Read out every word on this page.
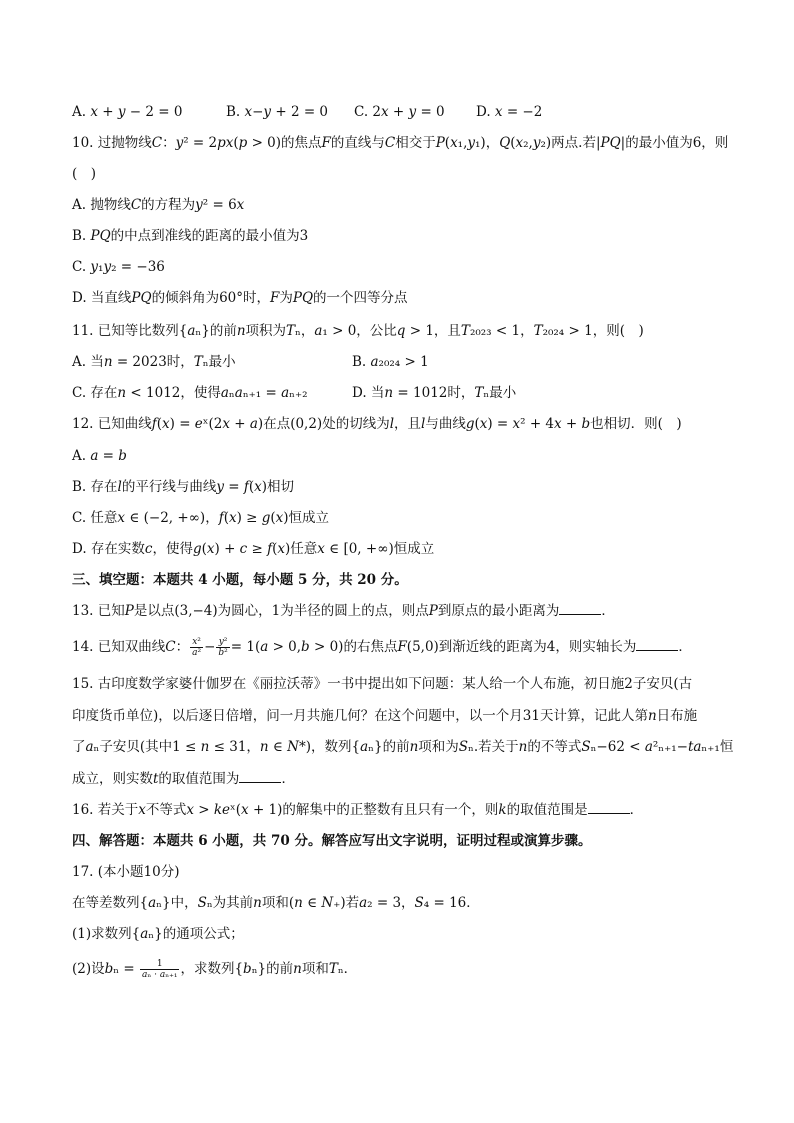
A. 𝑥 + 𝑦 − 2 = 0	B. 𝑥−𝑦 + 2 = 0 C. 2𝑥 + 𝑦 = 0 D. 𝑥 = −2
10. 过抛物线𝐶：𝑦² = 2𝑝𝑥(𝑝 > 0)的焦点𝐹的直线与𝐶相交于𝑃(𝑥₁,𝑦₁)，𝑄(𝑥₂,𝑦₂)两点.若|𝑃𝑄|的最小值为6，则
(　)
A. 抛物线𝐶的方程为𝑦² = 6𝑥
B. 𝑃𝑄的中点到准线的距离的最小值为3
C. 𝑦₁𝑦₂ = −36
D. 当直线𝑃𝑄的倾斜角为60°时，𝐹为𝑃𝑄的一个四等分点
11. 已知等比数列{𝑎ₙ}的前𝑛项积为𝑇ₙ，𝑎₁ > 0，公比𝑞 > 1，且𝑇₂₀₂₃ < 1，𝑇₂₀₂₄ > 1，则(　)
A. 当𝑛 = 2023时，𝑇ₙ最小	B. 𝑎₂₀₂₄ > 1
C. 存在𝑛 < 1012，使得𝑎ₙ𝑎ₙ₊₁ = 𝑎ₙ₊₂	D. 当𝑛 = 1012时，𝑇ₙ最小
12. 已知曲线𝑓(𝑥) = 𝑒ˣ(2𝑥 + 𝑎)在点(0,2)处的切线为𝑙，且𝑙与曲线𝑔(𝑥) = 𝑥² + 4𝑥 + 𝑏也相切．则(　)
A. 𝑎 = 𝑏
B. 存在𝑙的平行线与曲线𝑦 = 𝑓(𝑥)相切
C. 任意𝑥 ∈ (−2, +∞)，𝑓(𝑥) ≥ 𝑔(𝑥)恒成立
D. 存在实数𝑐，使得𝑔(𝑥) + 𝑐 ≥ 𝑓(𝑥)任意𝑥 ∈ [0, +∞)恒成立
三、填空题：本题共 4 小题，每小题 5 分，共 20 分。
13. 已知𝑃是以点(3,−4)为圆心，1为半径的圆上的点，则点𝑃到原点的最小距离为	．
14. 已知双曲线𝐶： $\frac{\text{𝑥²}}{\text{𝑎²}} - \frac{\text{𝑦²}}{\text{𝑏²}}$ = 1(𝑎 > 0,𝑏 > 0)的右焦点𝐹(5,0)到渐近线的距离为4，则实轴长为	．
15. 古印度数学家婆什伽罗在《丽拉沃蒂》一书中提出如下问题：某人给一个人布施，初日施2子安贝(古
印度货币单位)，以后逐日倍增，问一月共施几何？在这个问题中，以一个月31天计算，记此人第𝑛日布施
了𝑎ₙ子安贝(其中1 ≤ 𝑛 ≤ 31，𝑛 ∈ 𝑁*)，数列{𝑎ₙ}的前𝑛项和为𝑆ₙ.若关于𝑛的不等式𝑆ₙ−62 < 𝑎²ₙ₊₁−𝑡𝑎ₙ₊₁恒
成立，则实数𝑡的取值范围为	．
16. 若关于𝑥不等式𝑥 > 𝑘𝑒ˣ(𝑥 + 1)的解集中的正整数有且只有一个，则𝑘的取值范围是	．
四、解答题：本题共 6 小题，共 70 分。解答应写出文字说明，证明过程或演算步骤。
17. (本小题10分)
在等差数列{𝑎ₙ}中，𝑆ₙ为其前𝑛项和(𝑛 ∈ 𝑁₊)若𝑎₂ = 3，𝑆₄ = 16．
(1)求数列{𝑎ₙ}的通项公式；
(2)设𝑏ₙ = $\frac{1}{\text{𝑎ₙ · 𝑎ₙ₊₁}}$ ，求数列{𝑏ₙ}的前𝑛项和𝑇ₙ．
